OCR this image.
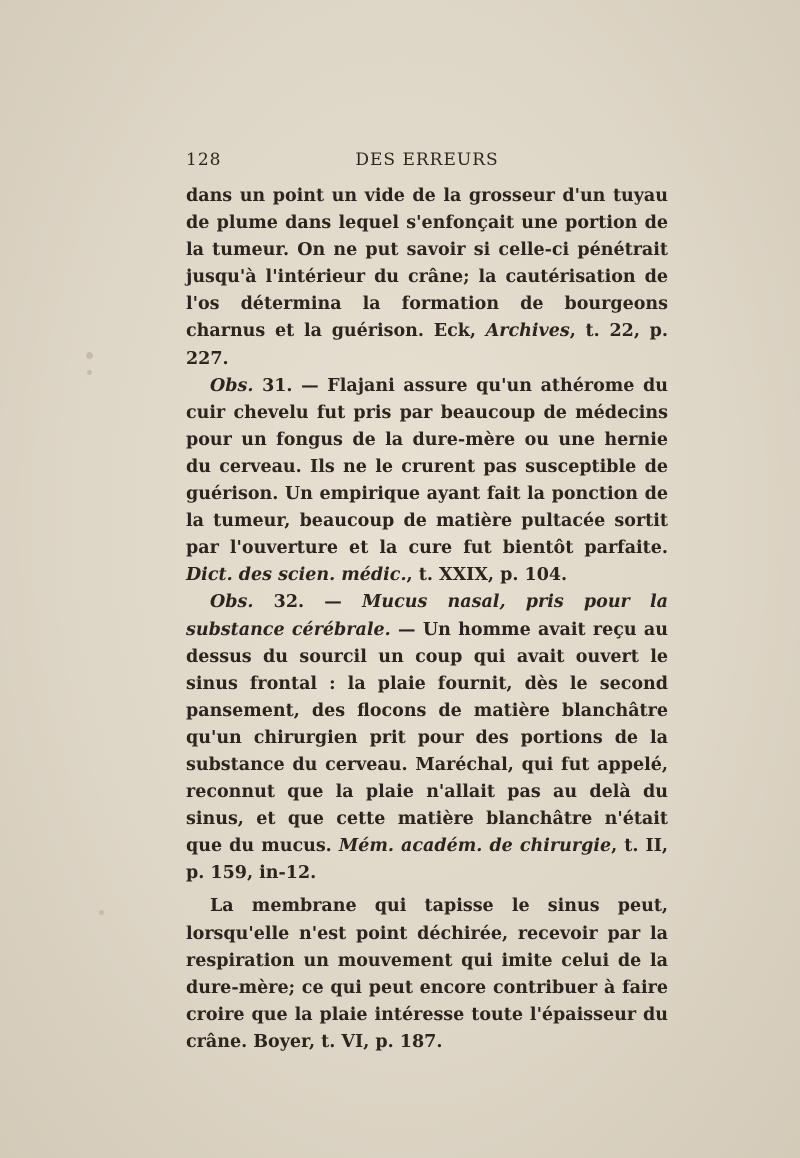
128	DES ERREURS

dans un point un vide de la grosseur d'un tuyau de plume dans lequel s'enfonçait une portion de la tumeur. On ne put savoir si celle-ci pénétrait jusqu'à l'intérieur du crâne; la cautérisation de l'os détermina la formation de bourgeons charnus et la guérison. Eck, Archives, t. 22, p. 227.

Obs. 31. — Flajani assure qu'un athérome du cuir chevelu fut pris par beaucoup de médecins pour un fongus de la dure-mère ou une hernie du cerveau. Ils ne le crurent pas susceptible de guérison. Un empirique ayant fait la ponction de la tumeur, beaucoup de matière pultacée sortit par l'ouverture et la cure fut bientôt parfaite. Dict. des scien. médic., t. XXIX, p. 104.

Obs. 32. — Mucus nasal, pris pour la substance cérébrale. — Un homme avait reçu au dessus du sourcil un coup qui avait ouvert le sinus frontal : la plaie fournit, dès le second pansement, des flocons de matière blanchâtre qu'un chirurgien prit pour des portions de la substance du cerveau. Maréchal, qui fut appelé, reconnut que la plaie n'allait pas au delà du sinus, et que cette matière blanchâtre n'était que du mucus. Mém. académ. de chirurgie, t. II, p. 159, in-12.

La membrane qui tapisse le sinus peut, lorsqu'elle n'est point déchirée, recevoir par la respiration un mouvement qui imite celui de la dure-mère; ce qui peut encore contribuer à faire croire que la plaie intéresse toute l'épaisseur du crâne. Boyer, t. VI, p. 187.
